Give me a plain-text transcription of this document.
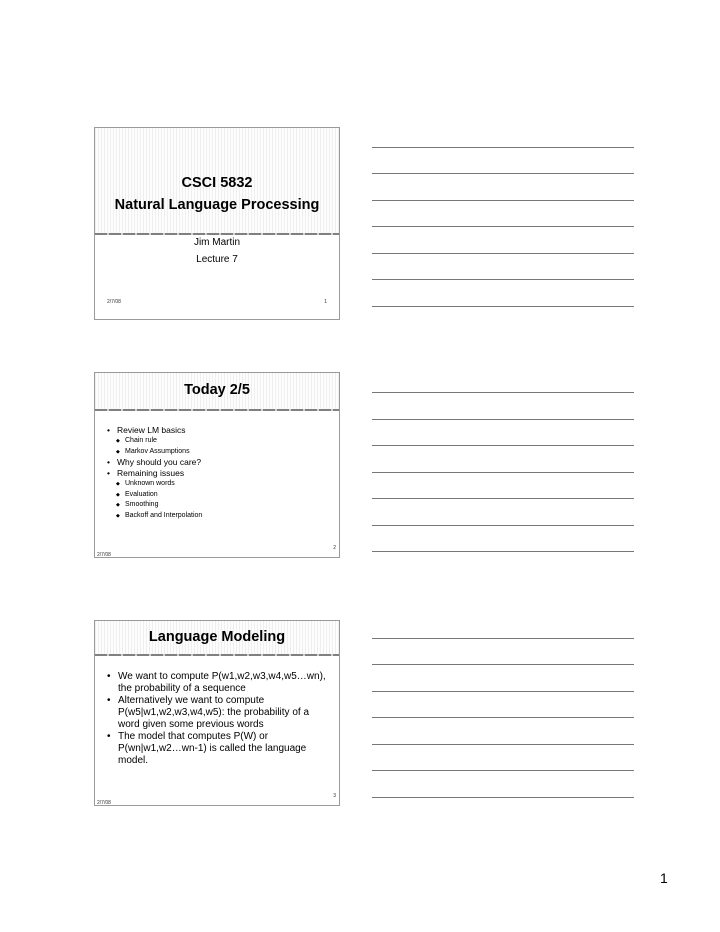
CSCI 5832
Natural Language Processing
Jim Martin
Lecture 7
2/7/08	1
Today 2/5
• Review LM basics
◆ Chain rule
◆ Markov Assumptions
• Why should you care?
• Remaining issues
◆ Unknown words
◆ Evaluation
◆ Smoothing
◆ Backoff and Interpolation
2
2/7/08
Language Modeling
• We want to compute P(w1,w2,w3,w4,w5…wn), the probability of a sequence
• Alternatively we want to compute P(w5|w1,w2,w3,w4,w5): the probability of a word given some previous words
• The model that computes P(W) or P(wn|w1,w2…wn-1) is called the language model.
3
2/7/08
1
